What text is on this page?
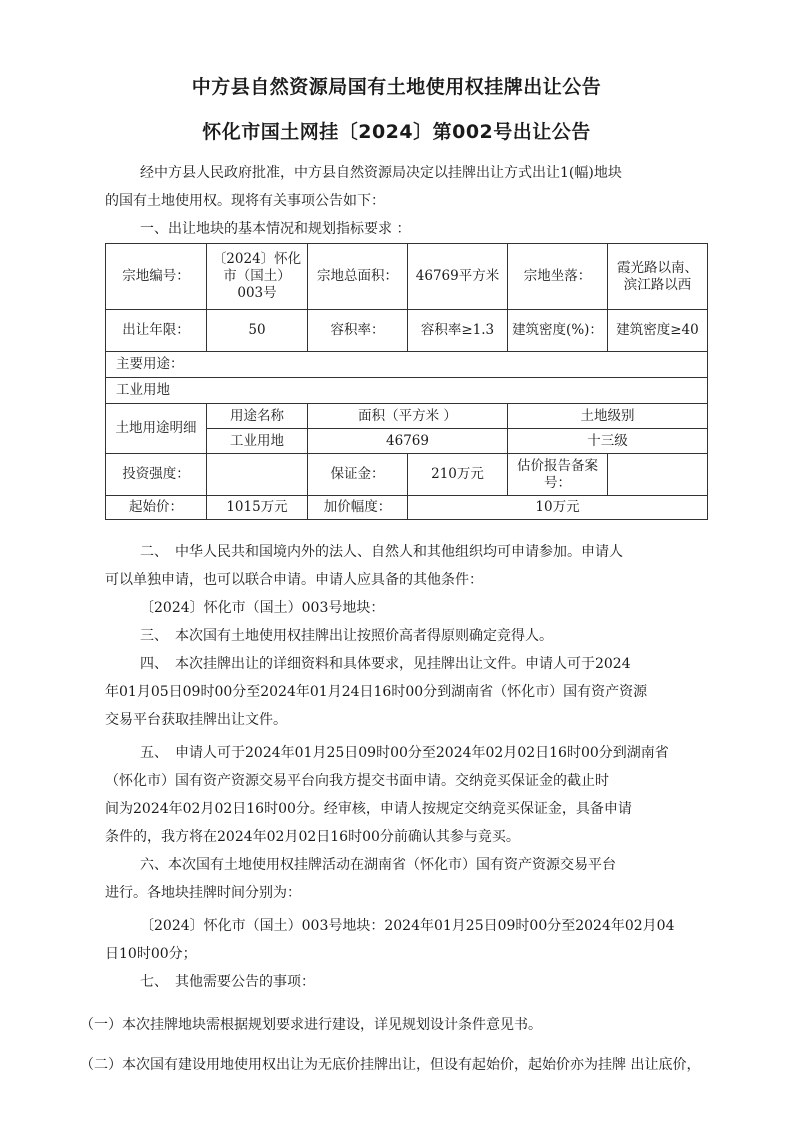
中方县自然资源局国有土地使用权挂牌出让公告
怀化市国土网挂〔2024〕第002号出让公告
经中方县人民政府批准，中方县自然资源局决定以挂牌出让方式出让1(幅)地块
的国有土地使用权。现将有关事项公告如下：
一、出让地块的基本情况和规划指标要求 ：
宗地编号：	〔2024〕怀化市（国土）003号	宗地总面积：	46769平方米	宗地坐落：	霞光路以南、滨江路以西
出让年限：	50	容积率：	容积率≥1.3	建筑密度(%)：	建筑密度≥40
主要用途：					
工业用地					
土地用途明细	用途名称	面积（平方米 ）		土地级别	
	工业用地	46769		十三级	
投资强度：		保证金：	210万元	估价报告备案号：	
起始价：	1015万元	加价幅度：	10万元		
二、　中华人民共和国境内外的法人、自然人和其他组织均可申请参加。申请人
可以单独申请，也可以联合申请。申请人应具备的其他条件：
〔2024〕怀化市（国土）003号地块：
三、　本次国有土地使用权挂牌出让按照价高者得原则确定竞得人。
四、　本次挂牌出让的详细资料和具体要求，见挂牌出让文件。申请人可于2024
年01月05日09时00分至2024年01月24日16时00分到湖南省（怀化市）国有资产资源
交易平台获取挂牌出让文件。
五、　申请人可于2024年01月25日09时00分至2024年02月02日16时00分到湖南省
（怀化市）国有资产资源交易平台向我方提交书面申请。交纳竞买保证金的截止时
间为2024年02月02日16时00分。经审核，申请人按规定交纳竞买保证金，具备申请
条件的，我方将在2024年02月02日16时00分前确认其参与竞买。
六、本次国有土地使用权挂牌活动在湖南省（怀化市）国有资产资源交易平台
进行。各地块挂牌时间分别为：
〔2024〕怀化市（国土）003号地块：2024年01月25日09时00分至2024年02月04
日10时00分；
七、　其他需要公告的事项：
（一）本次挂牌地块需根据规划要求进行建设，详见规划设计条件意见书。
（二）本次国有建设用地使用权出让为无底价挂牌出让，但设有起始价，起始价亦为挂牌 出让底价，
